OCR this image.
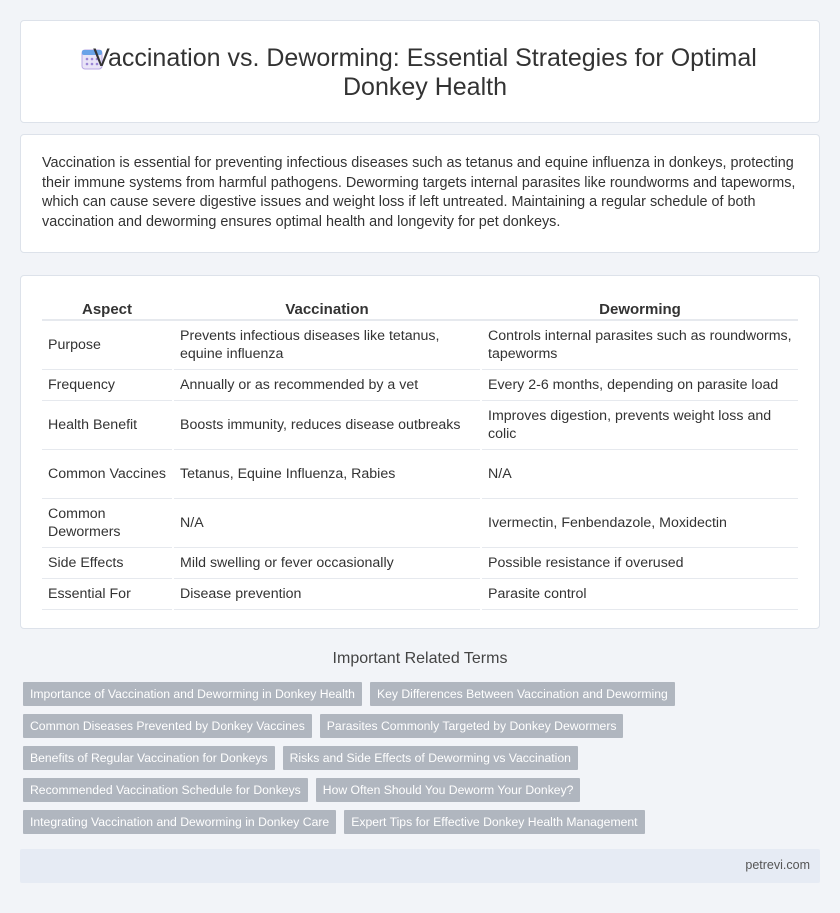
Vaccination vs. Deworming: Essential Strategies for Optimal Donkey Health

Vaccination is essential for preventing infectious diseases such as tetanus and equine influenza in donkeys, protecting their immune systems from harmful pathogens. Deworming targets internal parasites like roundworms and tapeworms, which can cause severe digestive issues and weight loss if left untreated. Maintaining a regular schedule of both vaccination and deworming ensures optimal health and longevity for pet donkeys.

Aspect	Vaccination	Deworming
Purpose	Prevents infectious diseases like tetanus, equine influenza	Controls internal parasites such as roundworms, tapeworms
Frequency	Annually or as recommended by a vet	Every 2-6 months, depending on parasite load
Health Benefit	Boosts immunity, reduces disease outbreaks	Improves digestion, prevents weight loss and colic
Common Vaccines	Tetanus, Equine Influenza, Rabies	N/A
Common Dewormers	N/A	Ivermectin, Fenbendazole, Moxidectin
Side Effects	Mild swelling or fever occasionally	Possible resistance if overused
Essential For	Disease prevention	Parasite control
Important Related Terms
Importance of Vaccination and Deworming in Donkey Health	Key Differences Between Vaccination and Deworming
Common Diseases Prevented by Donkey Vaccines	Parasites Commonly Targeted by Donkey Dewormers
Benefits of Regular Vaccination for Donkeys	Risks and Side Effects of Deworming vs Vaccination
Recommended Vaccination Schedule for Donkeys	How Often Should You Deworm Your Donkey?
Integrating Vaccination and Deworming in Donkey Care	Expert Tips for Effective Donkey Health Management
petrevi.com
